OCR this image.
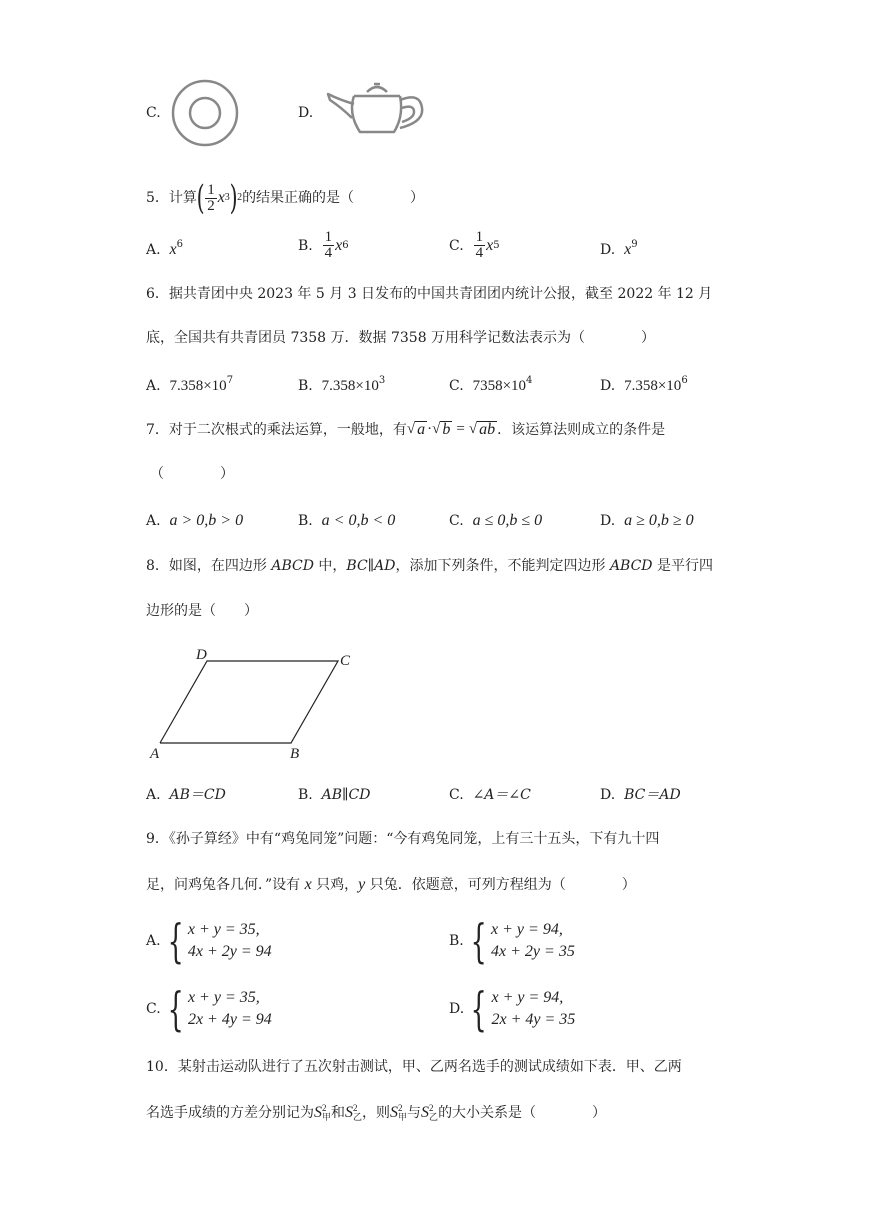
C.	D.
5．计算 ( $\frac{1}{2}$ x 3 ) 2 的结果正确的是（　　　　）
A. $x^6$	B.
$\frac{1}{4}$ x 6	C.
$\frac{1}{4}$ x 5	D. $x^9$
6．据共青团中央 2023 年 5 月 3 日发布的中国共青团团内统计公报，截至 2022 年 12 月
底，全国共有共青团员 7358 万．数据 7358 万用科学记数法表示为（　　　　）
A. $7.358\times 10^7$	B. $7.358\times 10^3$	C. $7358\times 10^4$	D. $7.358\times 10^6$
7．对于二次根式的乘法运算，一般地，有 √ a · √ b = √ ab ．该运算法则成立的条件是
（　　　　）
A. a > 0,b > 0	B. a < 0,b < 0	C. a ≤ 0,b ≤ 0	D. a ≥ 0,b ≥ 0
8．如图，在四边形 ABCD 中，BC∥AD，添加下列条件，不能判定四边形 ABCD 是平行四
边形的是（　　）
D	C
A	B
A. AB＝CD	B. AB∥CD	C. ∠A＝∠C	D. BC＝AD
9．《孙子算经》中有“鸡兔同笼”问题：“今有鸡兔同笼，上有三十五头，下有九十四
足，问鸡兔各几何．”设有 x 只鸡，y 只兔．依题意，可列方程组为（　　　　）
A. { x + y = 35,
4x + 2y = 94
B. { x + y = 94,
4x + 2y = 35
C. { x + y = 35,
2x + 4y = 94
D. { x + y = 94,
2x + 4y = 35
10．某射击运动队进行了五次射击测试，甲、乙两名选手的测试成绩如下表．甲、乙两
名选手成绩的方差分别记为S 2
甲 和S 2
乙 ，则S 2
甲 与S 2
乙 的大小关系是（　　　　）
